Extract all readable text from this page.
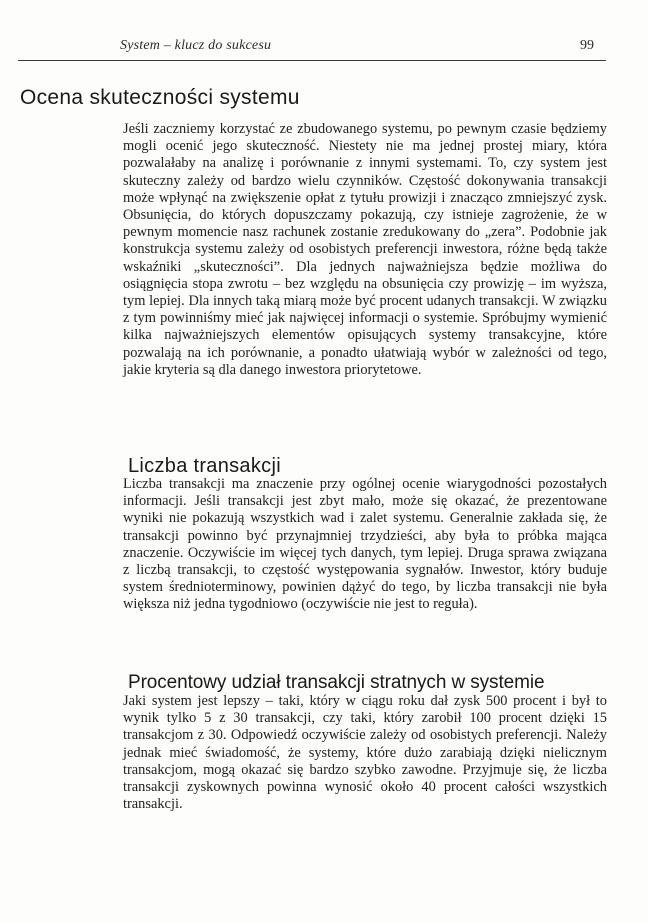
System – klucz do sukcesu	99
Ocena skuteczności systemu

Jeśli zaczniemy korzystać ze zbudowanego systemu, po pewnym czasie będziemy mogli ocenić jego skuteczność. Niestety nie ma jednej prostej miary, która pozwalałaby na analizę i porównanie z innymi systemami. To, czy system jest skuteczny zależy od bardzo wielu czynników. Częstość dokonywania transakcji może wpłynąć na zwiększenie opłat z tytułu prowizji i znacząco zmniejszyć zysk. Obsunięcia, do których dopuszczamy pokazują, czy istnieje zagrożenie, że w pewnym momencie nasz rachunek zostanie zredukowany do „zera”. Podobnie jak konstrukcja systemu zależy od osobistych preferencji inwestora, różne będą także wskaźniki „skuteczności”. Dla jednych najważniejsza będzie możliwa do osiągnięcia stopa zwrotu – bez względu na obsunięcia czy prowizję – im wyższa, tym lepiej. Dla innych taką miarą może być procent udanych transakcji. W związku z tym powinniśmy mieć jak najwięcej informacji o systemie. Spróbujmy wymienić kilka najważniejszych elementów opisujących systemy transakcyjne, które pozwalają na ich porównanie, a ponadto ułatwiają wybór w zależności od tego, jakie kryteria są dla danego inwestora priorytetowe.

Liczba transakcji

Liczba transakcji ma znaczenie przy ogólnej ocenie wiarygodności pozostałych informacji. Jeśli transakcji jest zbyt mało, może się okazać, że prezentowane wyniki nie pokazują wszystkich wad i zalet systemu. Generalnie zakłada się, że transakcji powinno być przynajmniej trzydzieści, aby była to próbka mająca znaczenie. Oczywiście im więcej tych danych, tym lepiej. Druga sprawa związana z liczbą transakcji, to częstość występowania sygnałów. Inwestor, który buduje system średnioterminowy, powinien dążyć do tego, by liczba transakcji nie była większa niż jedna tygodniowo (oczywiście nie jest to reguła).

Procentowy udział transakcji stratnych w systemie

Jaki system jest lepszy – taki, który w ciągu roku dał zysk 500 procent i był to wynik tylko 5 z 30 transakcji, czy taki, który zarobił 100 procent dzięki 15 transakcjom z 30. Odpowiedź oczywiście zależy od osobistych preferencji. Należy jednak mieć świadomość, że systemy, które dużo zarabiają dzięki nielicznym transakcjom, mogą okazać się bardzo szybko zawodne. Przyjmuje się, że liczba transakcji zyskownych powinna wynosić około 40 procent całości wszystkich transakcji.
